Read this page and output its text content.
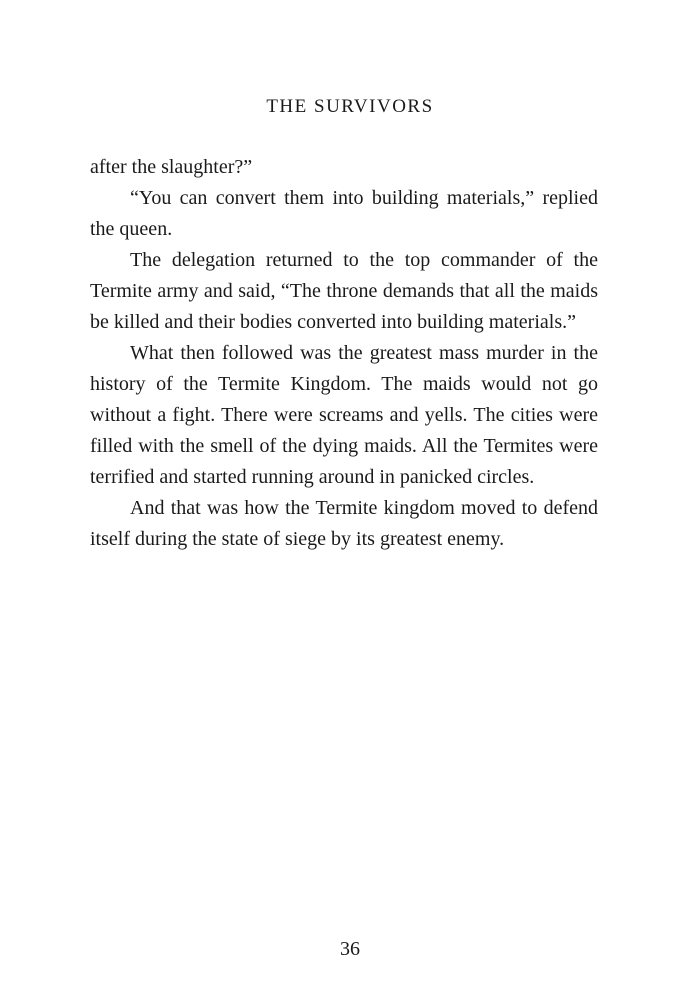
THE SURVIVORS

after the slaughter?”

“You can convert them into building materials,” replied the queen.

The delegation returned to the top commander of the Termite army and said, “The throne demands that all the maids be killed and their bodies converted into building materials.”

What then followed was the greatest mass murder in the history of the Termite Kingdom. The maids would not go without a fight. There were screams and yells. The cities were filled with the smell of the dying maids. All the Termites were terrified and started running around in panicked circles.

And that was how the Termite kingdom moved to defend itself during the state of siege by its greatest enemy.

36
